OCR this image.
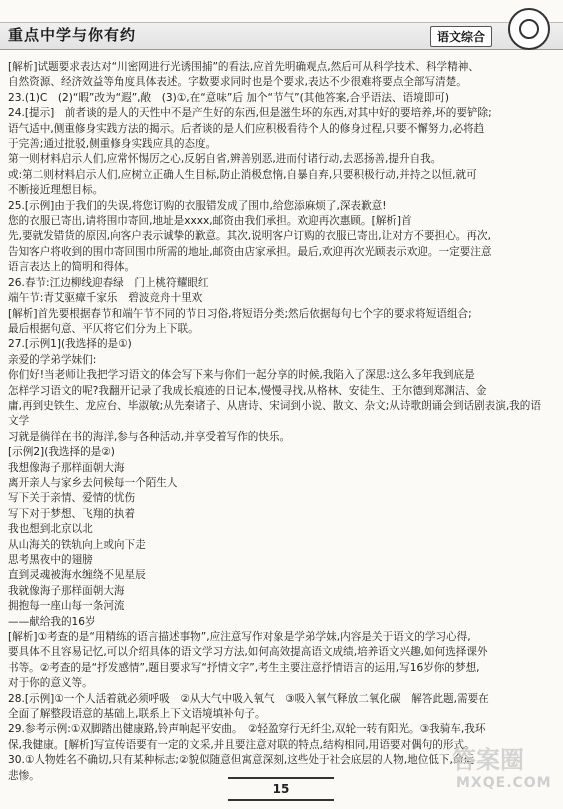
重点中学与你有约	语文综合

[解析]试题要求表达对“川密网进行光诱围捕”的看法,应首先明确观点,然后可从科学技术、科学精神、

自然资源、经济效益等角度具体表述。字数要求同时也是个要求,表达不少很难将要点全部写清楚。

23.(1)C　(2)“暇”改为“遐”,敞　(3)①,在“意味”后 加个“节气”(其他答案,合乎语法、语境即可)

24.[提示]　前者谈的是人的天性中不是产生好的东西,但是滋生坏的东西,对其中好的要培养,坏的要铲除;

语气适中,侧重修身实践方法的揭示。后者谈的是人们应积极看待个人的修身过程,只要不懈努力,必将趋

于完善;通过批驳,侧重修身实践应具的态度。

第一则材料启示人们,应常怀惕厉之心,反躬自省,辨善别恶,进而付诸行动,去恶扬善,提升自我。

或:第二则材料启示人们,应树立正确人生目标,防止消极怠惰,自暴自弃,只要积极行动,并持之以恒,就可

不断接近理想目标。

25.[示例]由于我们的失误,将您订购的衣服错发成了围巾,给您添麻烦了,深表歉意!

您的衣服已寄出,请将围巾寄回,地址是xxxx,邮资由我们承担。欢迎再次惠顾。[解析]首

先,要就发错货的原因,向客户表示诚挚的歉意。其次,说明客户订购的衣服已寄出,让对方不要担心。再次,

告知客户将收到的围巾寄回围巾所需的地址,邮资由店家承担。最后,欢迎再次光顾表示欢迎。一定要注意

语言表达上的简明和得体。

26.春节:江边柳线迎春绿　门上桃符耀眼红

端午节:青艾驱瘴千家乐　碧波竞舟十里欢

[解析]首先要根据春节和端午节不同的节日习俗,将短语分类;然后依据每句七个字的要求将短语组合;

最后根据句意、平仄将它们分为上下联。

27.[示例1](我选择的是①)

亲爱的学弟学妹们:

你们好!当老师让我把学习语文的体会写下来与你们一起分享的时候,我陷入了深思:这么多年我到底是

怎样学习语文的呢?我翻开记录了我成长痕迹的日记本,慢慢寻找,从格林、安徒生、王尔德到郑渊洁、金

庸,再到史铁生、龙应台、毕淑敏;从先秦诸子、从唐诗、宋词到小说、散文、杂文;从诗歌朗诵会到话剧表演,我的语文学

习就是徜徉在书的海洋,参与各种活动,并享受着写作的快乐。

[示例2](我选择的是②)

我想像海子那样面朝大海

离开亲人与家乡去问候每一个陌生人

写下关于亲情、爱情的忧伤

写下对于梦想、飞翔的执着

我也想到北京以北

从山海关的铁轨向上或向下走

思考黑夜中的翅膀

直到灵魂被海水缠绕不见星辰

我就像海子那样面朝大海

拥抱每一座山每一条河流

——献给我的16岁

[解析]①考查的是“用精练的语言描述事物”,应注意写作对象是学弟学妹,内容是关于语文的学习心得,

要具体不且容易记忆,可以介绍具体的语文学习方法,如何高效提高语文成绩,培养语文兴趣,如何选择课外

书等。②考查的是“抒发感情”,题目要求写“抒情文字”,考生主要注意抒情语言的运用,写16岁你的梦想,

对于你的意义等。

28.[示例]①一个人活着就必须呼吸　②从大气中吸入氧气　③吸入氧气释放二氧化碳　解答此题,需要在

全面了解整段语意的基础上,联系上下文语境填补句子。

29.参考示例:①双脚踏出健康路,铃声响起平安曲。　②轻盈穿行无纤尘,双轮一转有阳光。③我骑车,我环

保,我健康。[解析]写宣传语要有一定的文采,并且要注意对联的特点,结构相同,用语要对偶句的形式。

30.①人物姓名不确切,只有某种标志;②貌似随意但寓意深刻,这些处于社会底层的人物,地位低下,命运

悲惨。

15
答案圈
MXQE.COM
